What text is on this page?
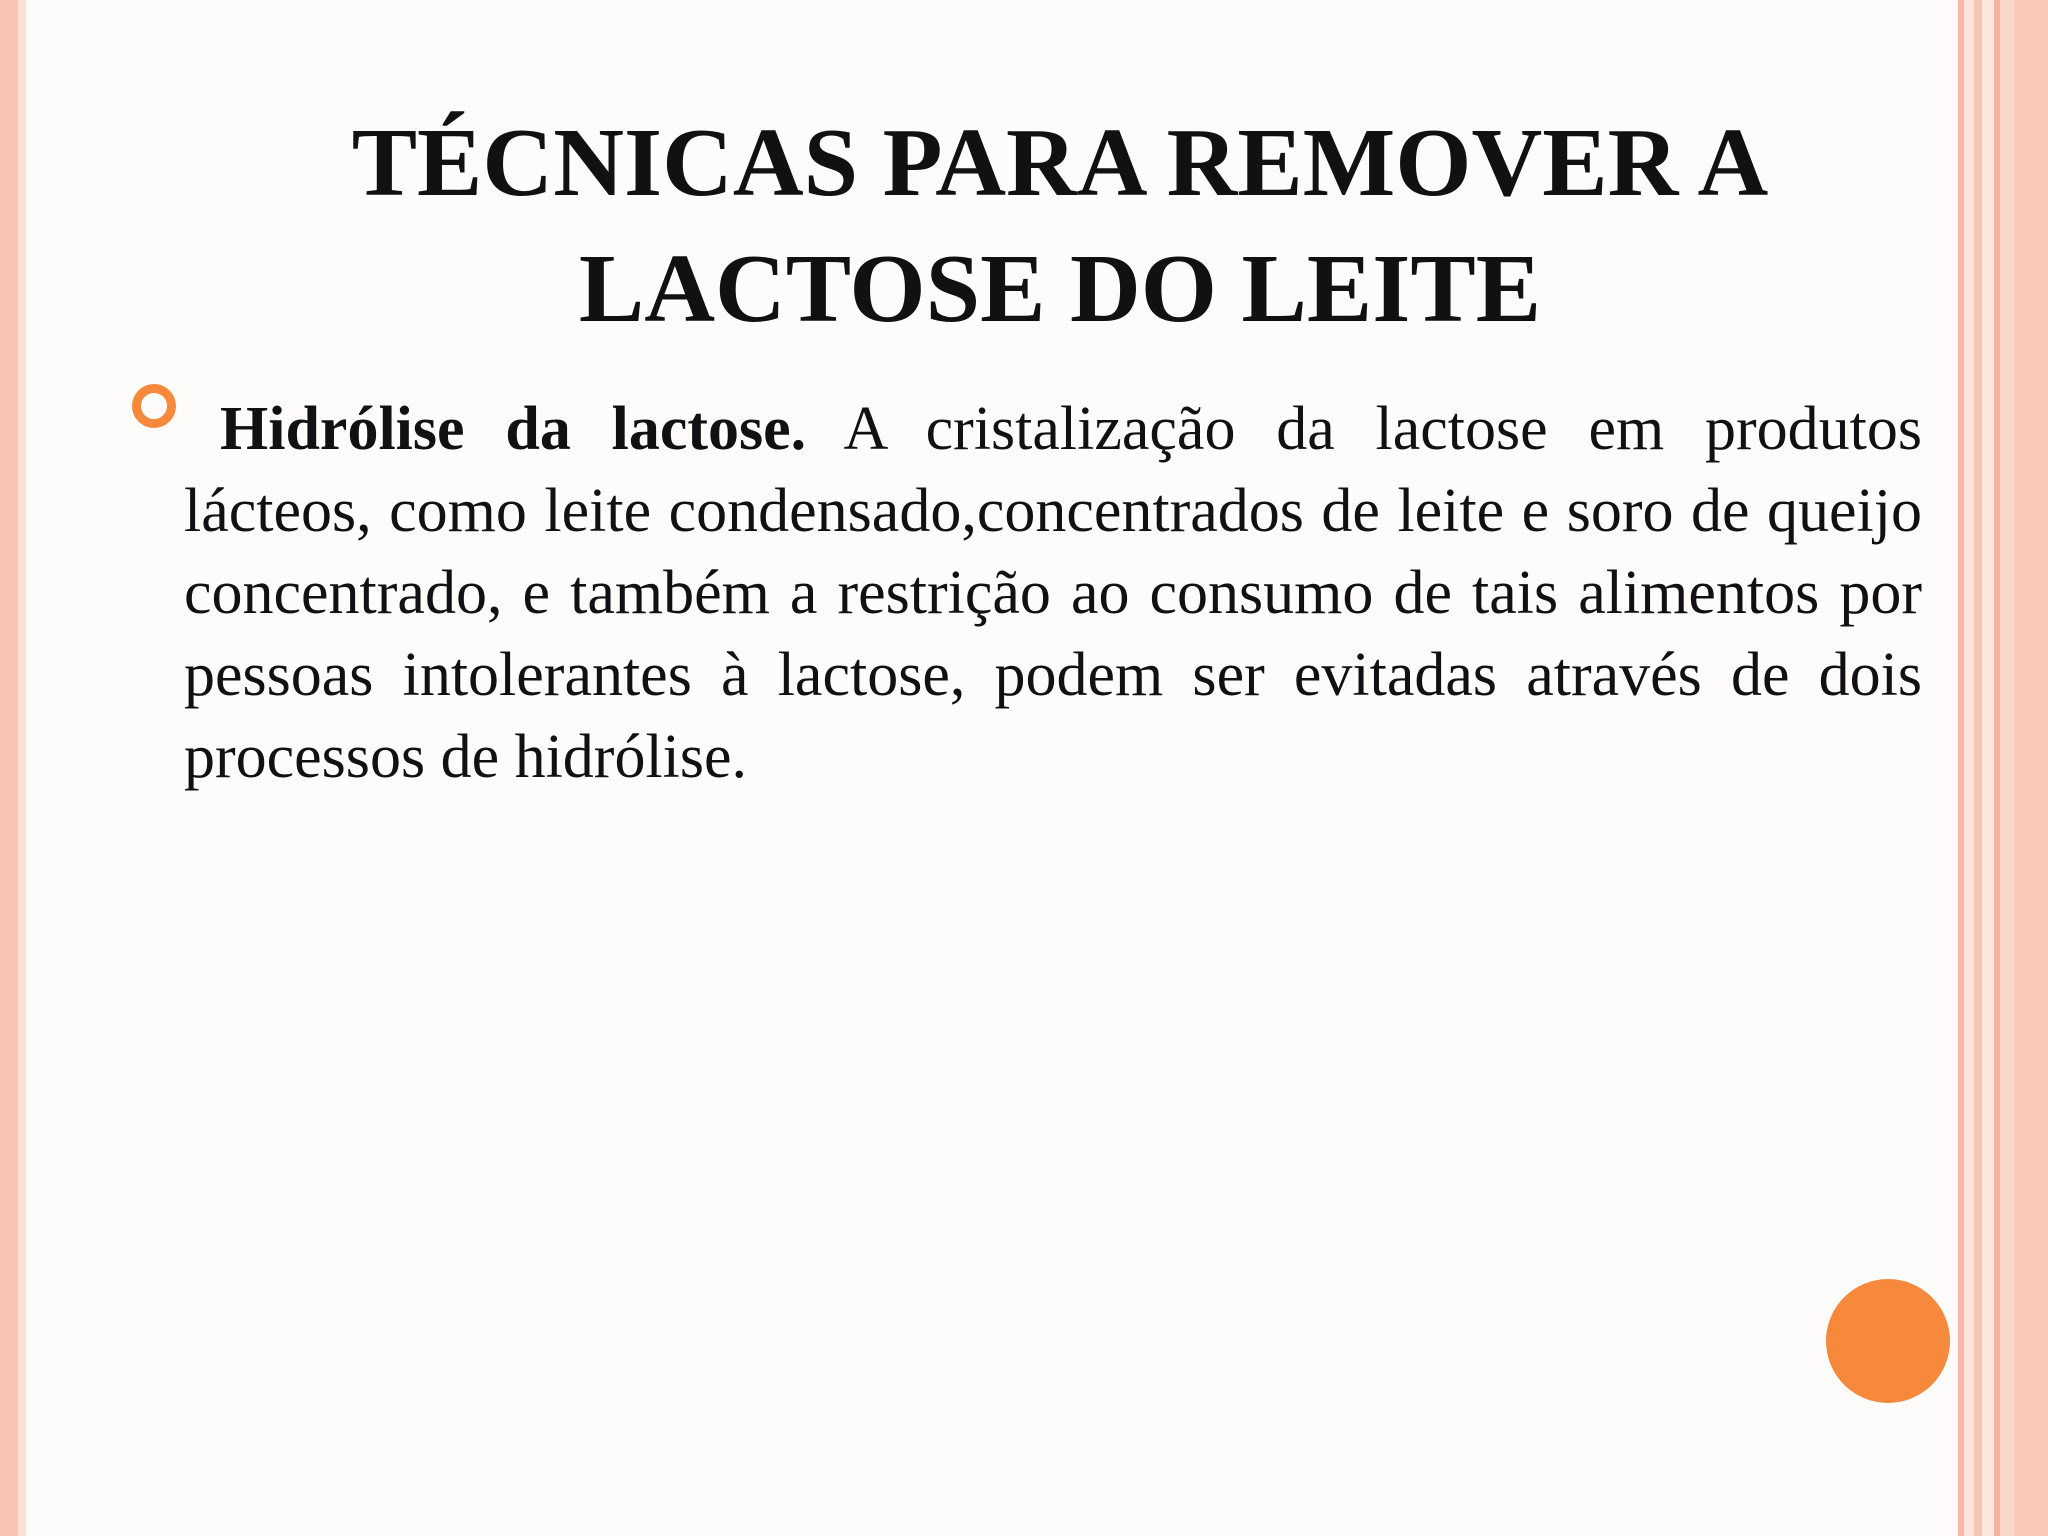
TÉCNICAS PARA REMOVER A
LACTOSE DO LEITE

Hidrólise da lactose. A cristalização da lactose em produtos lácteos, como leite condensado,concentrados de leite e soro de queijo concentrado, e também a restrição ao consumo de tais alimentos por pessoas intolerantes à lactose, podem ser evitadas através de dois processos de hidrólise.
